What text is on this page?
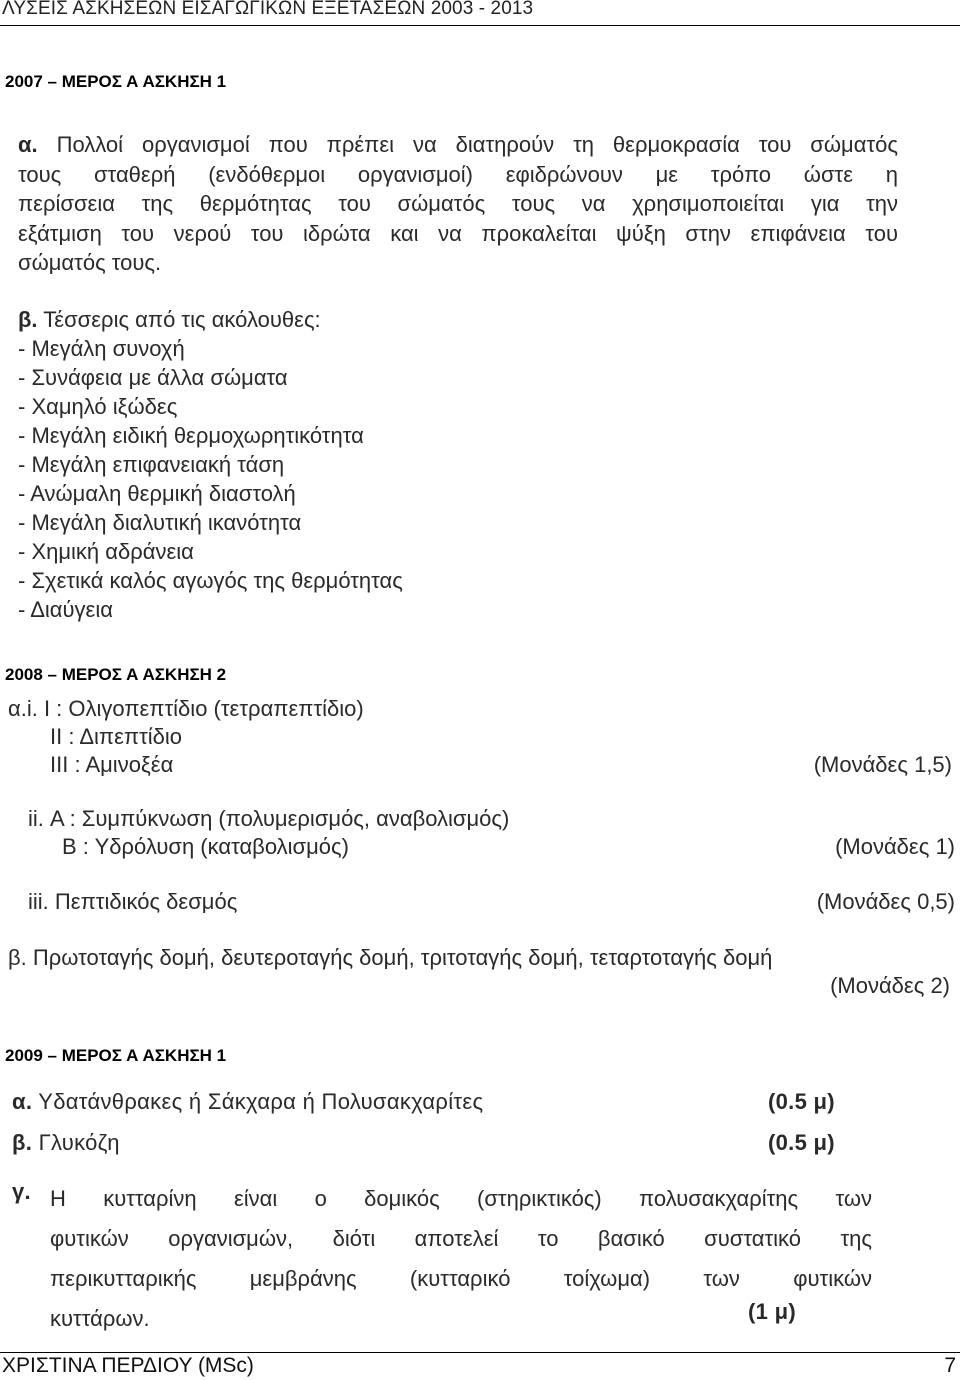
ΛΥΣΕΙΣ ΑΣΚΗΣΕΩΝ ΕΙΣΑΓΩΓΙΚΩΝ ΕΞΕΤΑΣΕΩΝ 2003 - 2013
2007 – ΜΕΡΟΣ Α ΑΣΚΗΣΗ 1
α. Πολλοί οργανισμοί που πρέπει να διατηρούν τη θερμοκρασία του σώματός
τους σταθερή (ενδόθερμοι οργανισμοί) εφιδρώνουν με τρόπο ώστε η
περίσσεια της θερμότητας του σώματός τους να χρησιμοποιείται για την
εξάτμιση του νερού του ιδρώτα και να προκαλείται ψύξη στην επιφάνεια του
σώματός τους.
β. Τέσσερις από τις ακόλουθες:
- Μεγάλη συνοχή
- Συνάφεια με άλλα σώματα
- Χαμηλό ιξώδες
- Μεγάλη ειδική θερμοχωρητικότητα
- Μεγάλη επιφανειακή τάση
- Ανώμαλη θερμική διαστολή
- Μεγάλη διαλυτική ικανότητα
- Χημική αδράνεια
- Σχετικά καλός αγωγός της θερμότητας
- Διαύγεια
2008 – ΜΕΡΟΣ Α ΑΣΚΗΣΗ 2
α.i. Ι : Ολιγοπεπτίδιο (τετραπεπτίδιο)
ΙΙ : Διπεπτίδιο
ΙΙΙ : Αμινοξέα	(Μονάδες 1,5)
ii. Α : Συμπύκνωση (πολυμερισμός, αναβολισμός)
Β : Υδρόλυση (καταβολισμός)	(Μονάδες 1)
iii. Πεπτιδικός δεσμός	(Μονάδες 0,5)
β. Πρωτοταγής δομή, δευτεροταγής δομή, τριτοταγής δομή, τεταρτοταγής δομή
(Μονάδες 2)
2009 – ΜΕΡΟΣ Α ΑΣΚΗΣΗ 1
α. Υδατάνθρακες ή Σάκχαρα ή Πολυσακχαρίτες	(0.5 μ)
β. Γλυκόζη	(0.5 μ)
γ. Η κυτταρίνη είναι ο δομικός (στηρικτικός) πολυσακχαρίτης των
φυτικών οργανισμών, διότι αποτελεί το βασικό συστατικό της
περικυτταρικής μεμβράνης (κυτταρικό τοίχωμα) των φυτικών
κυττάρων.	(1 μ)
ΧΡΙΣΤΙΝΑ ΠΕΡΔΙΟΥ (MSc)	7
